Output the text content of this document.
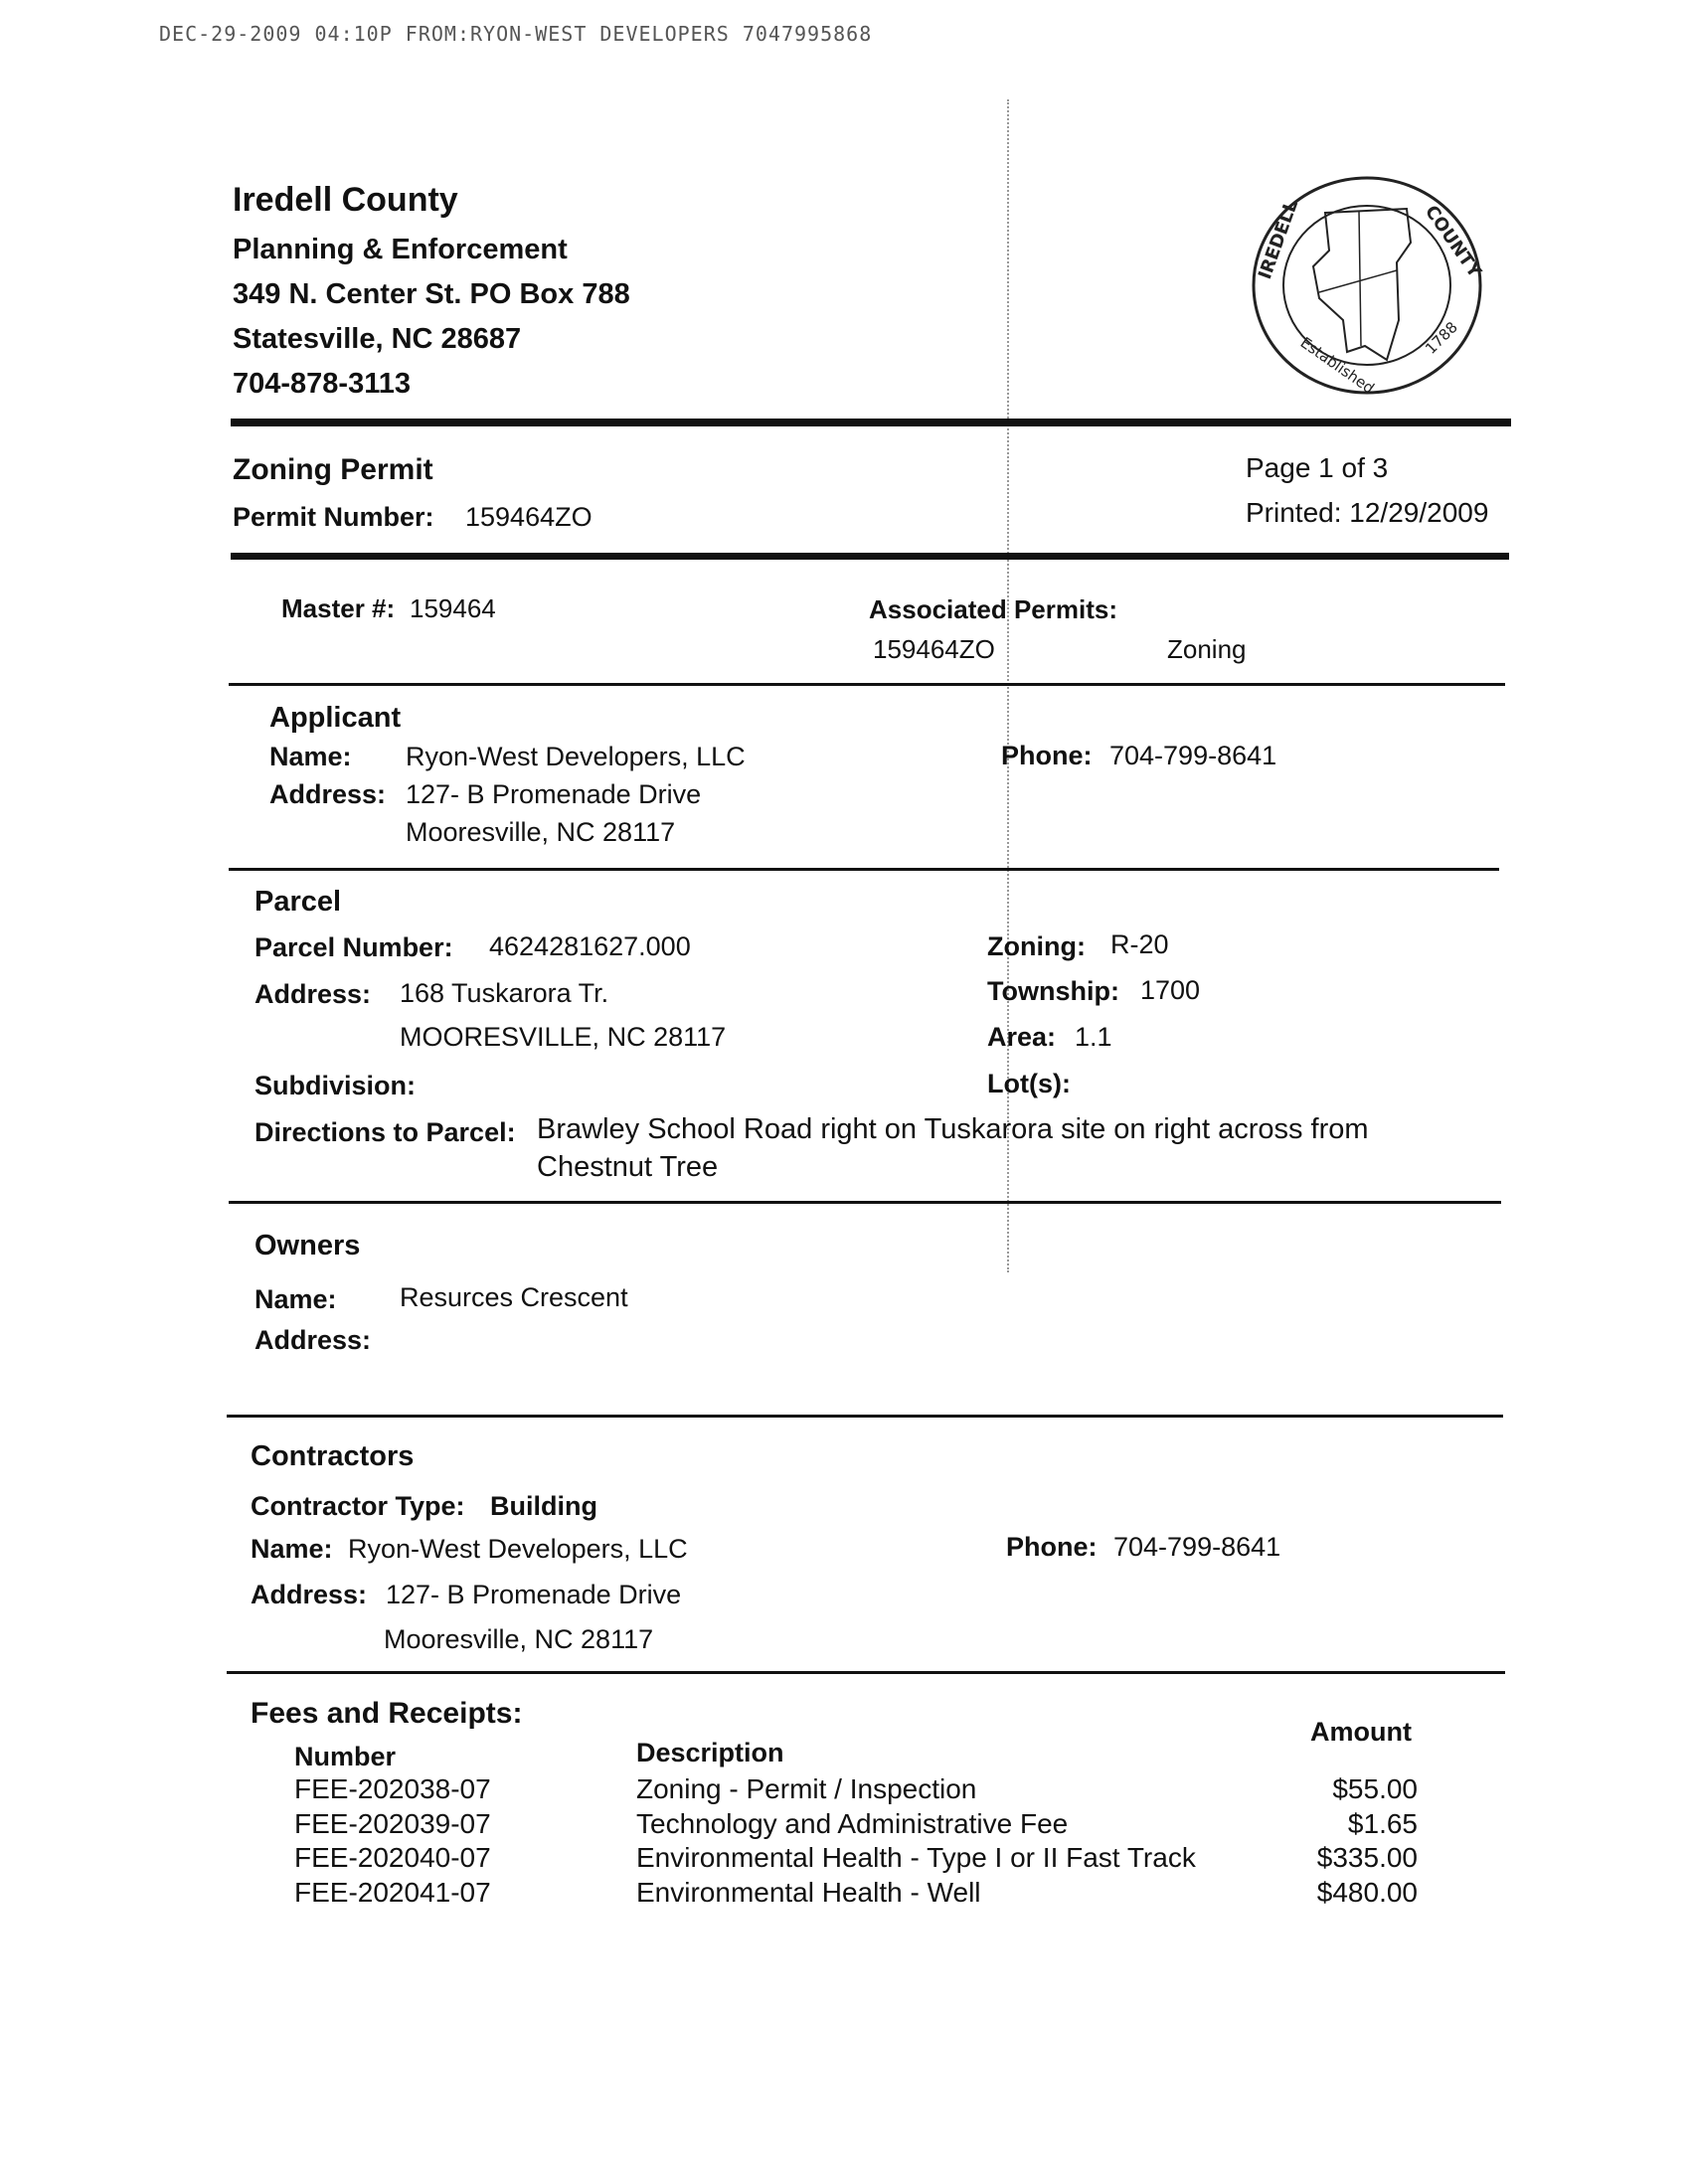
DEC-29-2009 04:10P FROM:RYON-WEST DEVELOPERS 7047995868
Iredell County
Planning & Enforcement
349 N. Center St. PO Box 788
Statesville, NC 28687
704-878-3113
IREDELL	COUNTY
Established	1788
Zoning Permit
Permit Number: 159464ZO
Page 1 of 3
Printed: 12/29/2009
Master #: 159464	Associated Permits:
159464ZO	Zoning
Applicant
Name: Ryon-West Developers, LLC
Address: 127- B Promenade Drive
Mooresville, NC 28117
Phone: 704-799-8641
Parcel
Parcel Number: 4624281627.000
Address: 168 Tuskarora Tr.
MOORESVILLE, NC 28117
Subdivision:
Zoning: R-20
Township: 1700
Area: 1.1
Lot(s):
Directions to Parcel: Brawley School Road right on Tuskarora site on right across from
Chestnut Tree
Owners
Name: Resurces Crescent
Address:
Contractors
Contractor Type: Building
Name: Ryon-West Developers, LLC
Address: 127- B Promenade Drive
Mooresville, NC 28117
Phone: 704-799-8641
Fees and Receipts:
Number	Description
Amount
FEE-202038-07	Zoning - Permit / Inspection	$55.00
FEE-202039-07	Technology and Administrative Fee	$1.65
FEE-202040-07	Environmental Health - Type I or II Fast Track	$335.00
FEE-202041-07	Environmental Health - Well	$480.00
